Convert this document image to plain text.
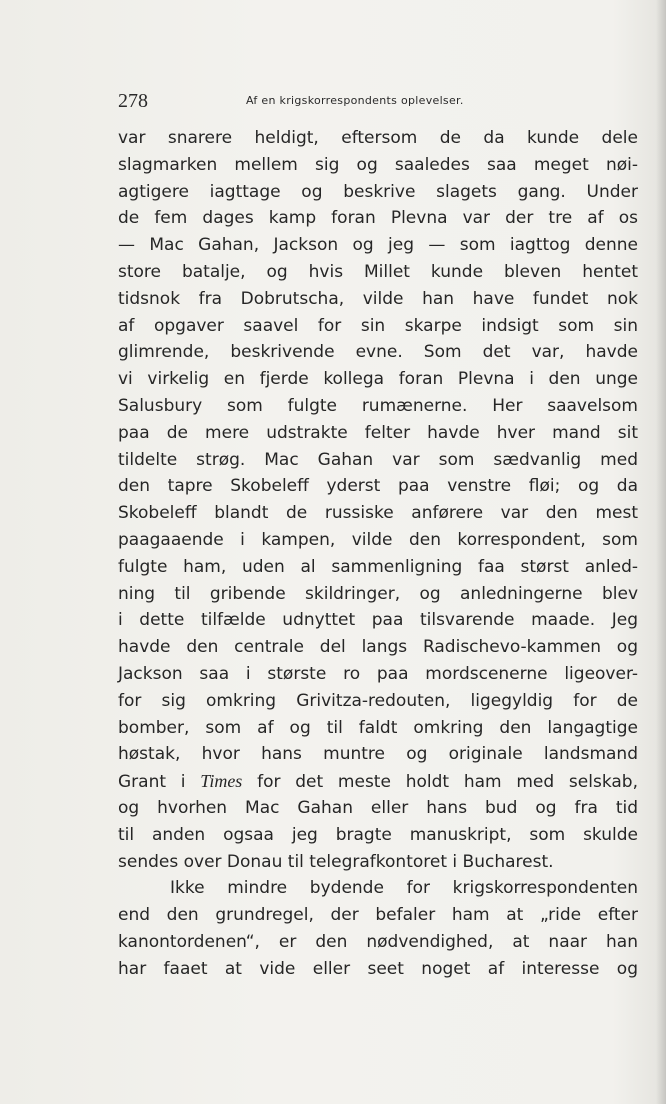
278	Af en krigskorrespondents oplevelser.
var snarere heldigt, eftersom de da kunde dele
slagmarken mellem sig og saaledes saa meget nøi-
agtigere iagttage og beskrive slagets gang. Under
de fem dages kamp foran Plevna var der tre af os
— Mac Gahan, Jackson og jeg — som iagttog denne
store batalje, og hvis Millet kunde bleven hentet
tidsnok fra Dobrutscha, vilde han have fundet nok
af opgaver saavel for sin skarpe indsigt som sin
glimrende, beskrivende evne. Som det var, havde
vi virkelig en fjerde kollega foran Plevna i den unge
Salusbury som fulgte rumænerne. Her saavelsom
paa de mere udstrakte felter havde hver mand sit
tildelte strøg. Mac Gahan var som sædvanlig med
den tapre Skobeleff yderst paa venstre fløi; og da
Skobeleff blandt de russiske anførere var den mest
paagaaende i kampen, vilde den korrespondent, som
fulgte ham, uden al sammenligning faa størst anled-
ning til gribende skildringer, og anledningerne blev
i dette tilfælde udnyttet paa tilsvarende maade. Jeg
havde den centrale del langs Radischevo-kammen og
Jackson saa i største ro paa mordscenerne ligeover-
for sig omkring Grivitza-redouten, ligegyldig for de
bomber, som af og til faldt omkring den langagtige
høstak, hvor hans muntre og originale landsmand
Grant i Times for det meste holdt ham med selskab,
og hvorhen Mac Gahan eller hans bud og fra tid
til anden ogsaa jeg bragte manuskript, som skulde
sendes over Donau til telegrafkontoret i Bucharest.
Ikke mindre bydende for krigskorrespondenten
end den grundregel, der befaler ham at „ride efter
kanontordenen“, er den nødvendighed, at naar han
har faaet at vide eller seet noget af interesse og
